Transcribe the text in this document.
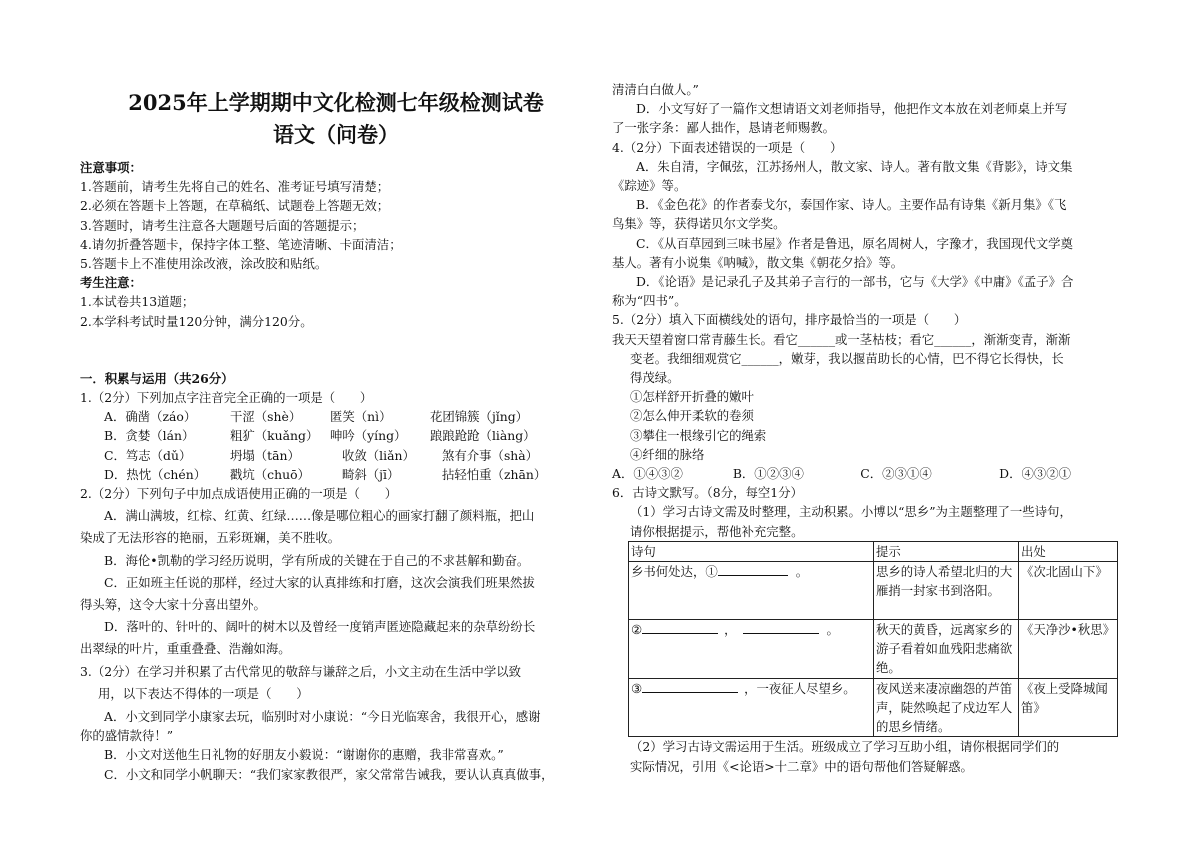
2025年上学期期中文化检测七年级检测试卷
语文（问卷）
注意事项：
1.答题前，请考生先将自己的姓名、准考证号填写清楚；
2.必须在答题卡上答题，在草稿纸、试题卷上答题无效；
3.答题时，请考生注意各大题题号后面的答题提示；
4.请勿折叠答题卡，保持字体工整、笔迹清晰、卡面清洁；
5.答题卡上不准使用涂改液，涂改胶和贴纸。
考生注意：
1.本试卷共13道题；
2.本学科考试时量120分钟，满分120分。
一．积累与运用（共26分）
1.（2分）下列加点字注音完全正确的一项是（　　）
A．确凿（záo）	干涩（shè）	匿笑（nì）	花团锦簇（jǐng）
B．贪婪（lán）	粗犷（kuǎng） 呻吟（yíng）	踉踉跄跄（liàng）
C．笃志（dǔ）	坍塌（tān）	收敛（liǎn）	煞有介事（shà）
D．热忱（chén）	戳坑（chuō）	畸斜（jī）	拈轻怕重（zhān）
2.（2分）下列句子中加点成语使用正确的一项是（　　）
A．满山满坡，红棕、红黄、红绿……像是哪位粗心的画家打翻了颜料瓶，把山
染成了无法形容的艳丽，五彩斑斓，美不胜收。
B．海伦•凯勒的学习经历说明，学有所成的关键在于自己的不求甚解和勤奋。
C．正如班主任说的那样，经过大家的认真排练和打磨，这次会演我们班果然拔
得头筹，这令大家十分喜出望外。
D．落叶的、针叶的、阔叶的树木以及曾经一度销声匿迹隐藏起来的杂草纷纷长
出翠绿的叶片，重重叠叠、浩瀚如海。
3.（2分）在学习并积累了古代常见的敬辞与谦辞之后，小文主动在生活中学以致
用，以下表达不得体的一项是（　　）
A．小文到同学小康家去玩，临别时对小康说：“今日光临寒舍，我很开心，感谢
你的盛情款待！”
B．小文对送他生日礼物的好朋友小毅说：“谢谢你的惠赠，我非常喜欢。”
C．小文和同学小帆聊天：“我们家家教很严，家父常常告诫我，要认认真真做事，
清清白白做人。”
D．小文写好了一篇作文想请语文刘老师指导，他把作文本放在刘老师桌上并写
了一张字条：鄙人拙作，恳请老师赐教。
4.（2分）下面表述错误的一项是（　　）
A．朱自清，字佩弦，江苏扬州人，散文家、诗人。著有散文集《背影》，诗文集
《踪迹》等。
B．《金色花》的作者泰戈尔，泰国作家、诗人。主要作品有诗集《新月集》《飞
鸟集》等，获得诺贝尔文学奖。
C．《从百草园到三味书屋》作者是鲁迅，原名周树人，字豫才，我国现代文学奠
基人。著有小说集《呐喊》，散文集《朝花夕拾》等。
D．《论语》是记录孔子及其弟子言行的一部书，它与《大学》《中庸》《孟子》合
称为“四书”。
5.（2分）填入下面横线处的语句，排序最恰当的一项是（　　）
我天天望着窗口常青藤生长。看它______或一茎枯枝；看它______，渐渐变青，渐渐
变老。我细细观赏它______，嫩芽，我以揠苗助长的心情，巴不得它长得快，长
得茂绿。
①怎样舒开折叠的嫩叶
②怎么伸开柔软的卷须
③攀住一根缘引它的绳索
④纤细的脉络
A．①④③②	B．①②③④	C．②③①④	D．④③②①
6．古诗文默写。（8分，每空1分）
（1）学习古诗文需及时整理，主动积累。小博以“思乡”为主题整理了一些诗句，
请你根据提示，帮他补充完整。
诗句	提示	出处
乡书何处达，① 。	思乡的诗人希望北归的大雁捎一封家书到洛阳。	《次北固山下》
② ， 。	秋天的黄昏，远离家乡的游子看着如血残阳悲痛欲绝。	《天净沙•秋思》
③ ，一夜征人尽望乡。	夜风送来凄凉幽怨的芦笛声，陡然唤起了戍边军人的思乡情绪。	《夜上受降城闻笛》
（2）学习古诗文需运用于生活。班级成立了学习互助小组，请你根据同学们的
实际情况，引用《<论语>十二章》中的语句帮他们答疑解惑。
